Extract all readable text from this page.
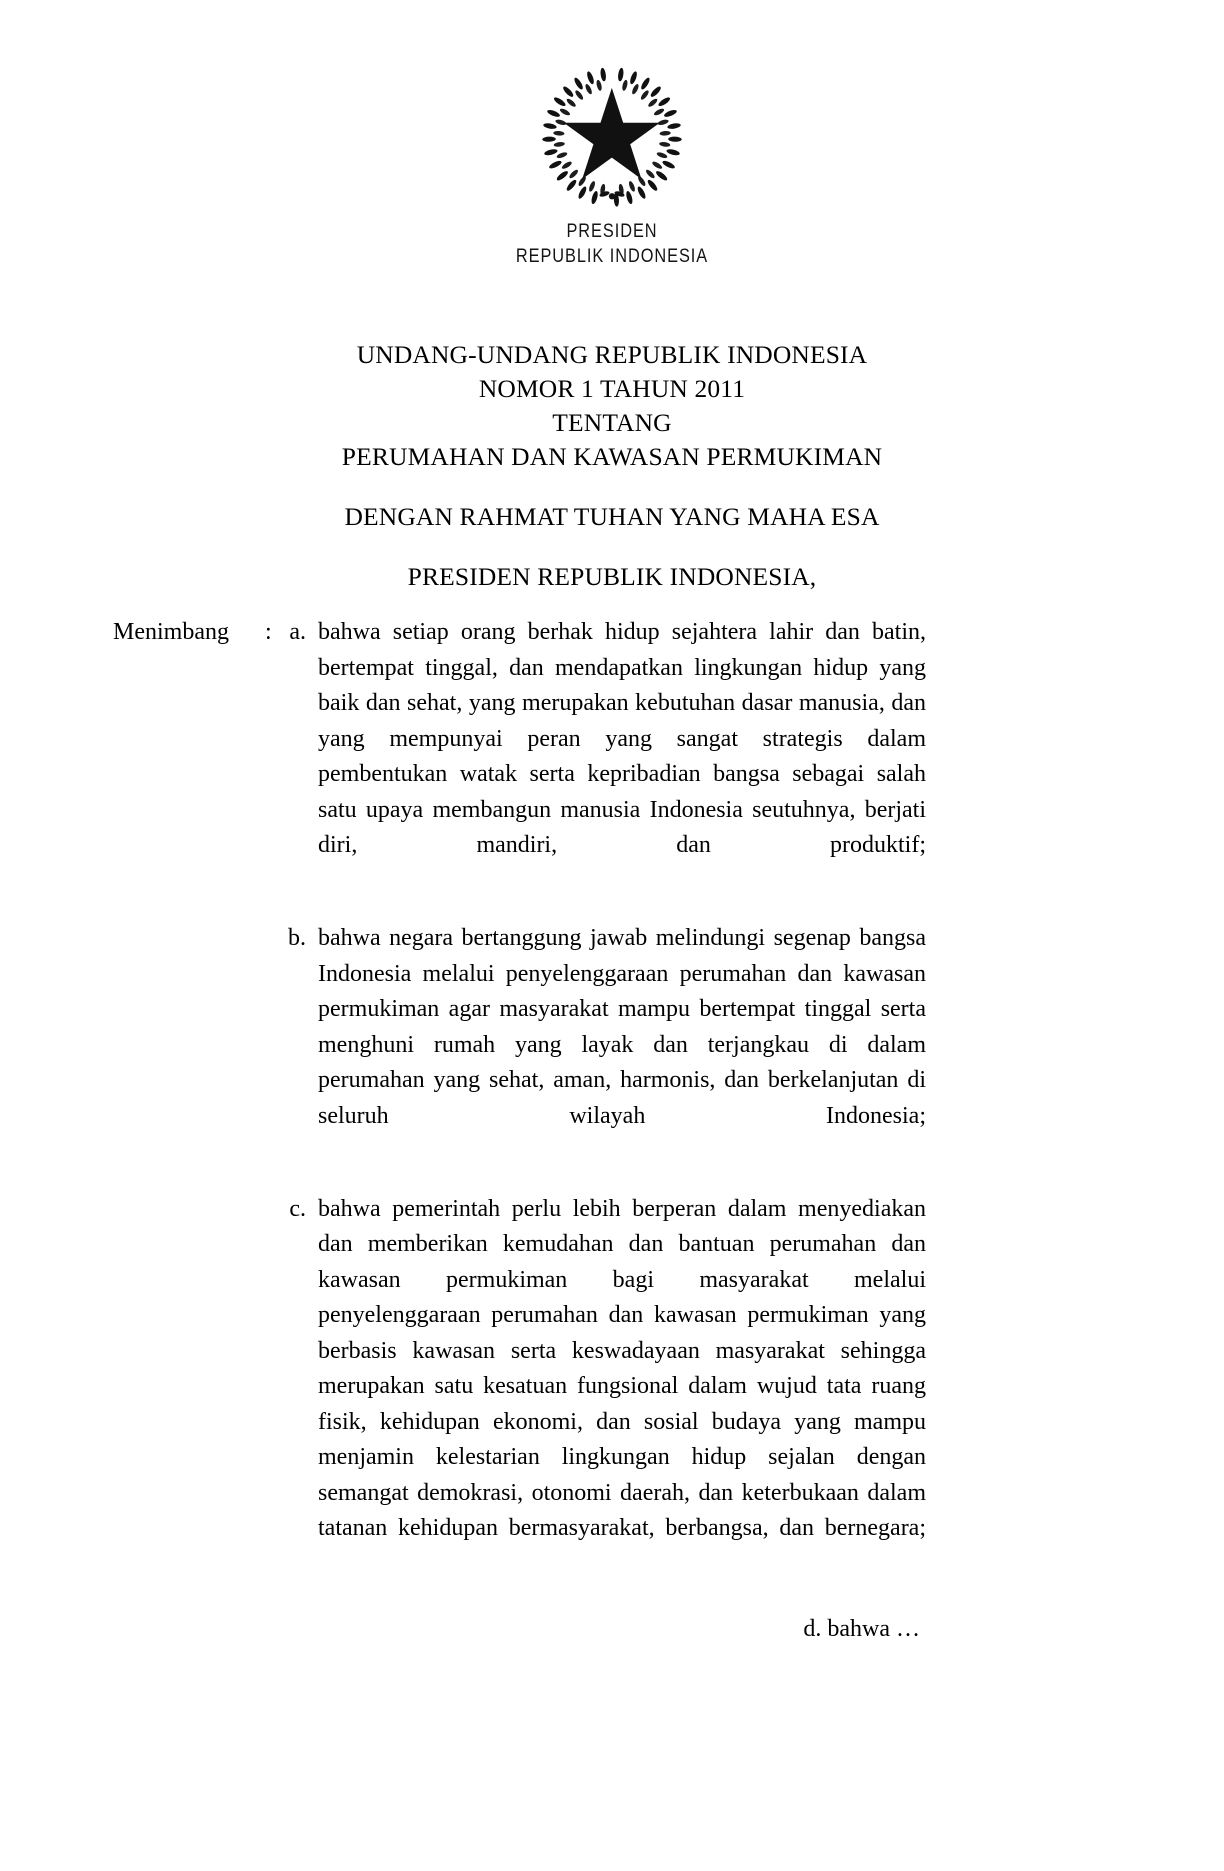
PRESIDEN
REPUBLIK INDONESIA
UNDANG-UNDANG REPUBLIK INDONESIA
NOMOR 1 TAHUN 2011
TENTANG
PERUMAHAN DAN KAWASAN PERMUKIMAN
DENGAN RAHMAT TUHAN YANG MAHA ESA
PRESIDEN REPUBLIK INDONESIA,
Menimbang	: a. bahwa setiap orang berhak hidup sejahtera lahir dan batin, bertempat tinggal, dan mendapatkan lingkungan hidup yang baik dan sehat, yang merupakan kebutuhan dasar manusia, dan yang mempunyai peran yang sangat strategis dalam pembentukan watak serta kepribadian bangsa sebagai salah satu upaya membangun manusia Indonesia seutuhnya, berjati diri, mandiri, dan produktif;
b. bahwa negara bertanggung jawab melindungi segenap bangsa Indonesia melalui penyelenggaraan perumahan dan kawasan permukiman agar masyarakat mampu bertempat tinggal serta menghuni rumah yang layak dan terjangkau di dalam perumahan yang sehat, aman, harmonis, dan berkelanjutan di seluruh wilayah Indonesia;
c. bahwa pemerintah perlu lebih berperan dalam menyediakan dan memberikan kemudahan dan bantuan perumahan dan kawasan permukiman bagi masyarakat melalui penyelenggaraan perumahan dan kawasan permukiman yang berbasis kawasan serta keswadayaan masyarakat sehingga merupakan satu kesatuan fungsional dalam wujud tata ruang fisik, kehidupan ekonomi, dan sosial budaya yang mampu menjamin kelestarian lingkungan hidup sejalan dengan semangat demokrasi, otonomi daerah, dan keterbukaan dalam tatanan kehidupan bermasyarakat, berbangsa, dan bernegara;
d. bahwa …
